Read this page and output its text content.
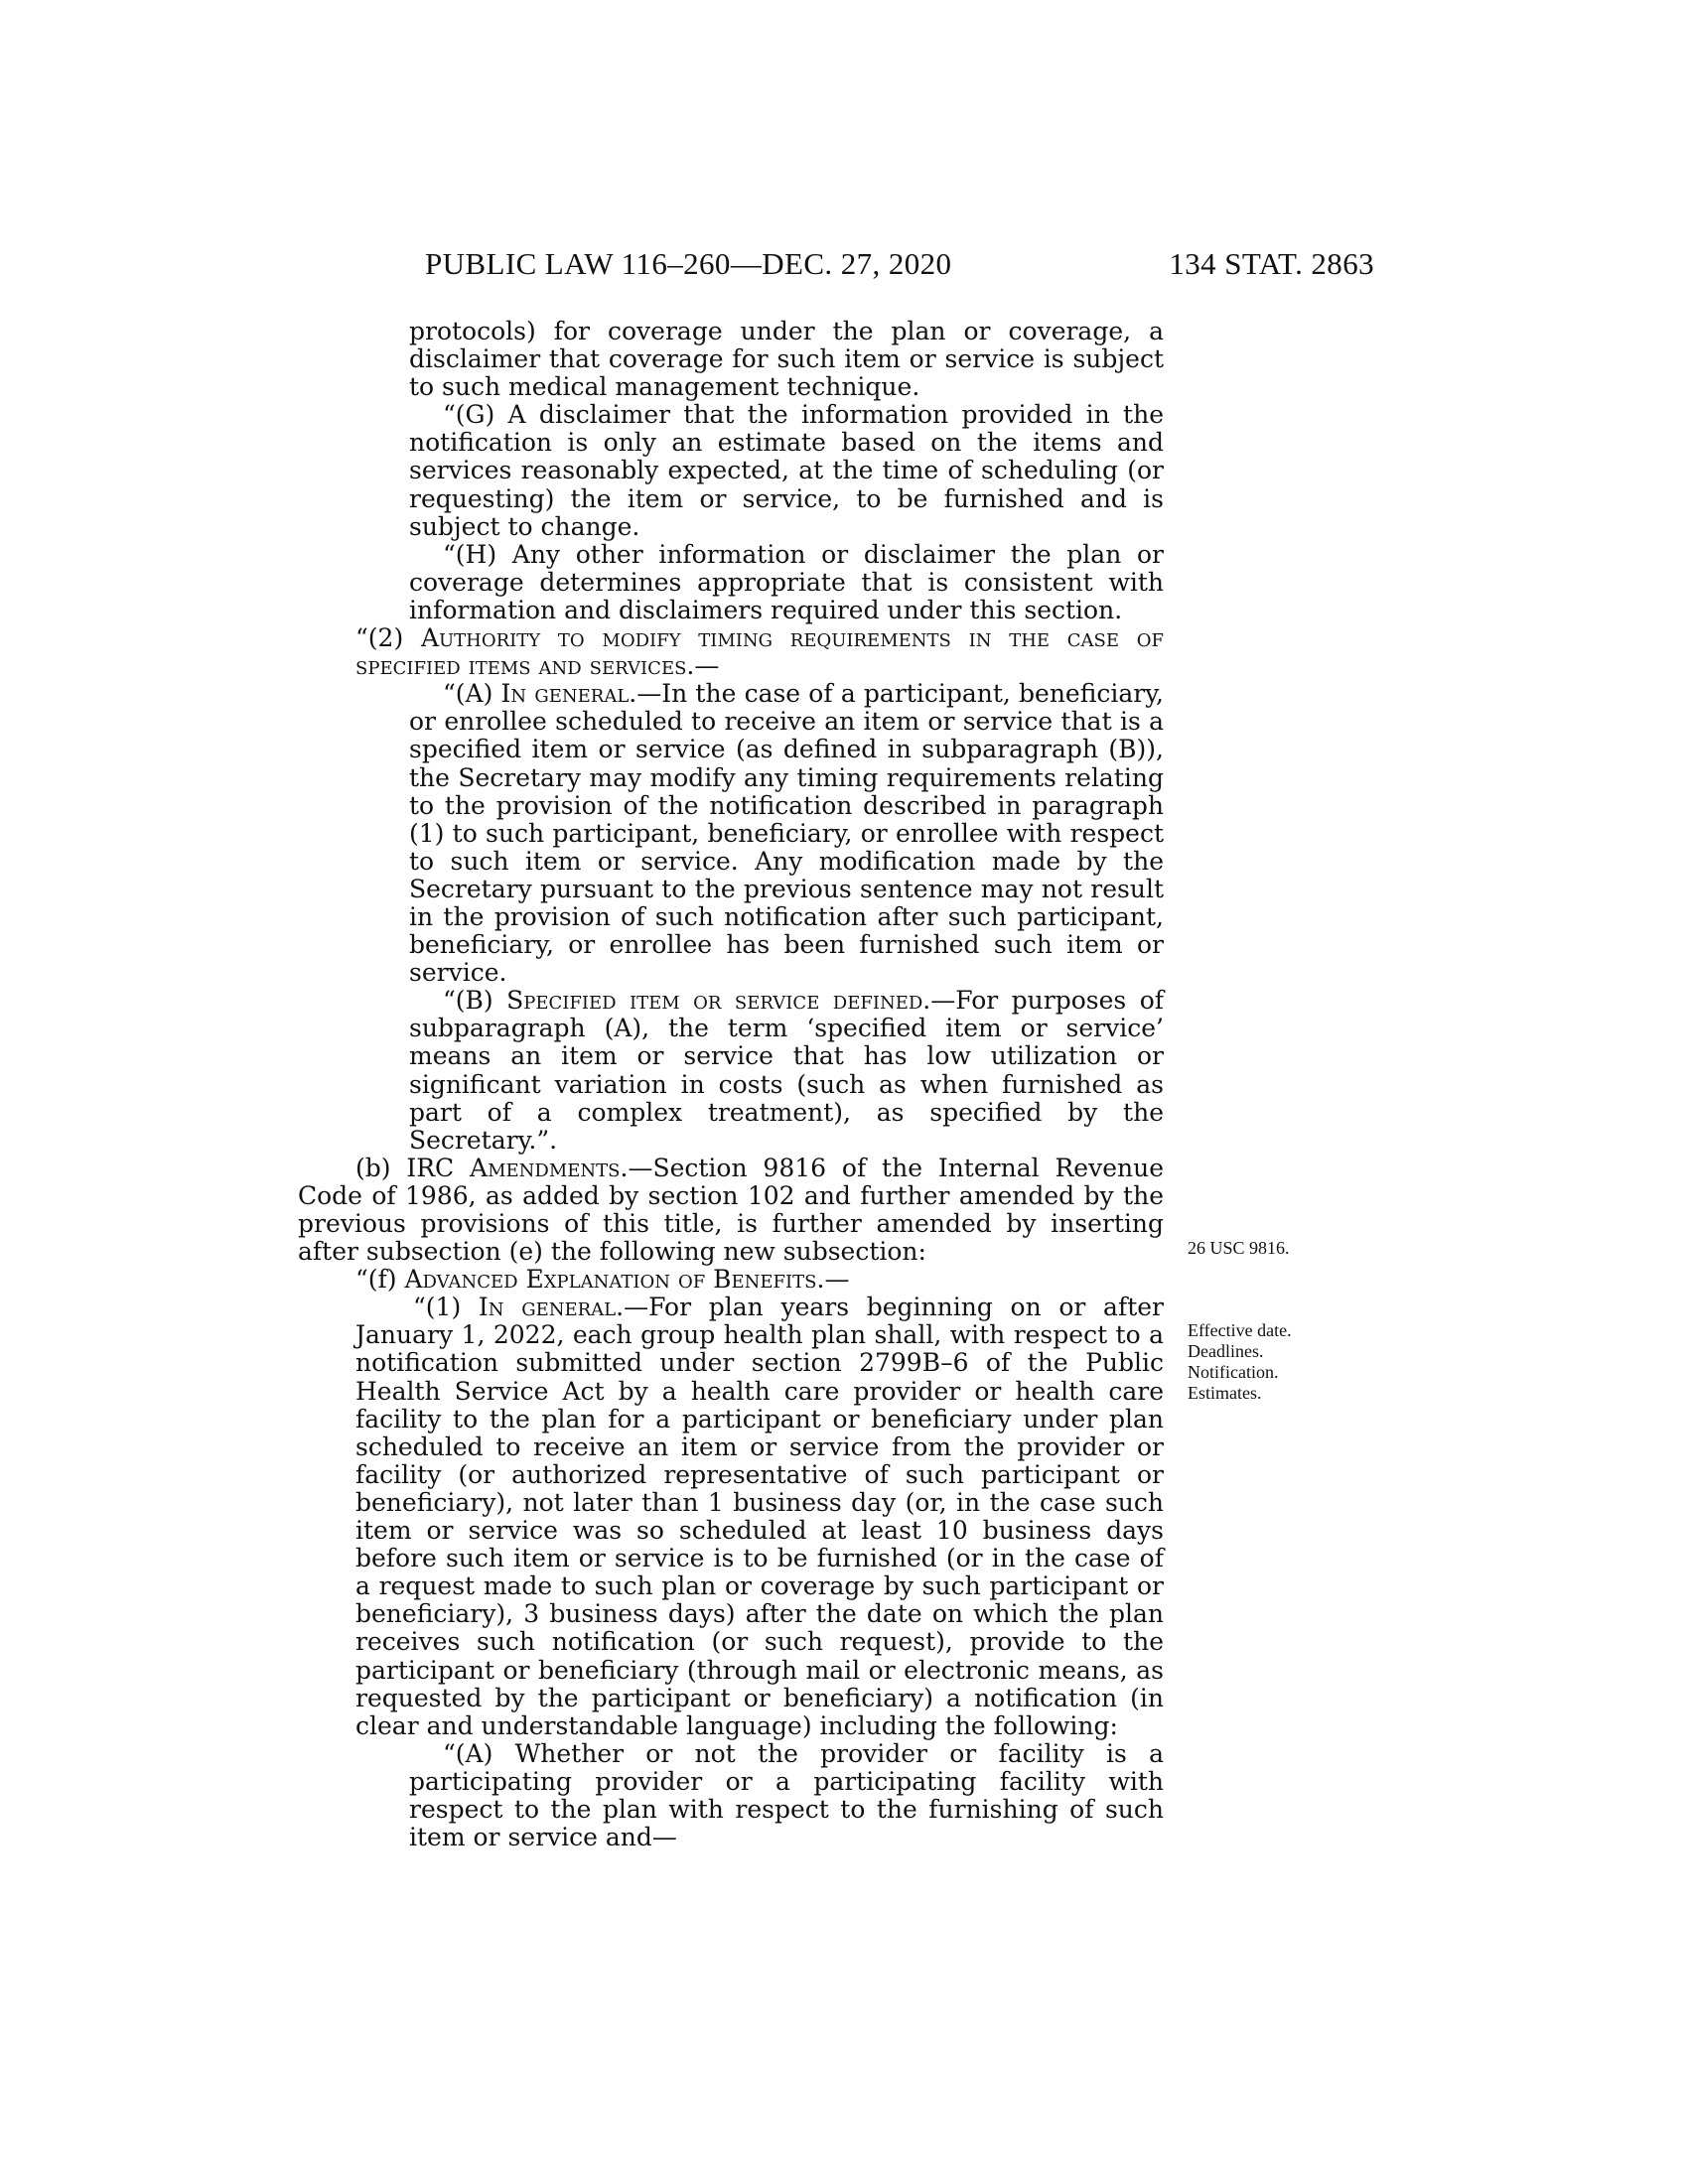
PUBLIC LAW 116–260—DEC. 27, 2020	134 STAT. 2863

protocols) for coverage under the plan or coverage, a disclaimer that coverage for such item or service is subject to such medical management technique.

“(G) A disclaimer that the information provided in the notification is only an estimate based on the items and services reasonably expected, at the time of scheduling (or requesting) the item or service, to be furnished and is subject to change.

“(H) Any other information or disclaimer the plan or coverage determines appropriate that is consistent with information and disclaimers required under this section.

“(2) Authority to modify timing requirements in the case of specified items and services.—

“(A) In general.—In the case of a participant, beneficiary, or enrollee scheduled to receive an item or service that is a specified item or service (as defined in subparagraph (B)), the Secretary may modify any timing requirements relating to the provision of the notification described in paragraph (1) to such participant, beneficiary, or enrollee with respect to such item or service. Any modification made by the Secretary pursuant to the previous sentence may not result in the provision of such notification after such participant, beneficiary, or enrollee has been furnished such item or service.

“(B) Specified item or service defined.—For purposes of subparagraph (A), the term ‘specified item or service’ means an item or service that has low utilization or significant variation in costs (such as when furnished as part of a complex treatment), as specified by the Secretary.”.

(b) IRC Amendments.—Section 9816 of the Internal Revenue Code of 1986, as added by section 102 and further amended by the previous provisions of this title, is further amended by inserting after subsection (e) the following new subsection:

“(f) Advanced Explanation of Benefits.—

“(1) In general.—For plan years beginning on or after January 1, 2022, each group health plan shall, with respect to a notification submitted under section 2799B–6 of the Public Health Service Act by a health care provider or health care facility to the plan for a participant or beneficiary under plan scheduled to receive an item or service from the provider or facility (or authorized representative of such participant or beneficiary), not later than 1 business day (or, in the case such item or service was so scheduled at least 10 business days before such item or service is to be furnished (or in the case of a request made to such plan or coverage by such participant or beneficiary), 3 business days) after the date on which the plan receives such notification (or such request), provide to the participant or beneficiary (through mail or electronic means, as requested by the participant or beneficiary) a notification (in clear and understandable language) including the following:

“(A) Whether or not the provider or facility is a participating provider or a participating facility with respect to the plan with respect to the furnishing of such item or service and—

26 USC 9816.
Effective date.
Deadlines.
Notification.
Estimates.
